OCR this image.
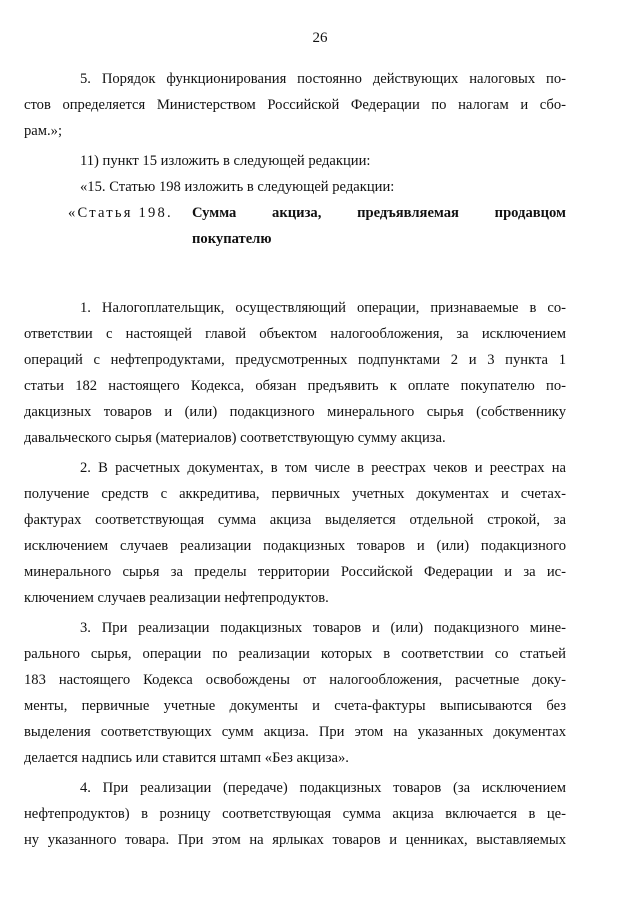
26
5. Порядок функционирования постоянно действующих налоговых по-
стов определяется Министерством Российской Федерации по налогам и сбо-
рам.»;
11) пункт 15 изложить в следующей редакции:
«15. Статью 198 изложить в следующей редакции:
«Статья 198.	Сумма акциза, предъявляемая продавцом
покупателю
1. Налогоплательщик, осуществляющий операции, признаваемые в со-
ответствии с настоящей главой объектом налогообложения, за исключением
операций с нефтепродуктами, предусмотренных подпунктами 2 и 3 пункта 1
статьи 182 настоящего Кодекса, обязан предъявить к оплате покупателю по-
дакцизных товаров и (или) подакцизного минерального сырья (собственнику
давальческого сырья (материалов) соответствующую сумму акциза.
2. В расчетных документах, в том числе в реестрах чеков и реестрах на
получение средств с аккредитива, первичных учетных документах и счетах-
фактурах соответствующая сумма акциза выделяется отдельной строкой, за
исключением случаев реализации подакцизных товаров и (или) подакцизного
минерального сырья за пределы территории Российской Федерации и за ис-
ключением случаев реализации нефтепродуктов.
3. При реализации подакцизных товаров и (или) подакцизного мине-
рального сырья, операции по реализации которых в соответствии со статьей
183 настоящего Кодекса освобождены от налогообложения, расчетные доку-
менты, первичные учетные документы и счета-фактуры выписываются без
выделения соответствующих сумм акциза. При этом на указанных документах
делается надпись или ставится штамп «Без акциза».
4. При реализации (передаче) подакцизных товаров (за исключением
нефтепродуктов) в розницу соответствующая сумма акциза включается в це-
ну указанного товара. При этом на ярлыках товаров и ценниках, выставляемых
